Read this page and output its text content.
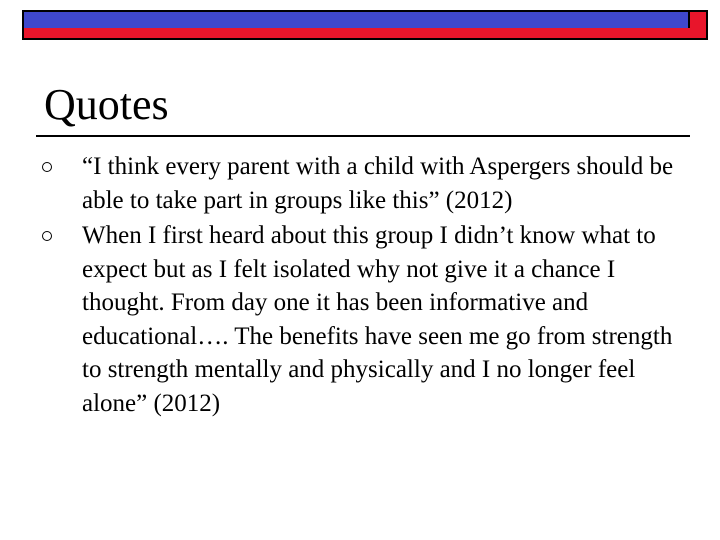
Quotes
“I think every parent with a child with Aspergers should be able to take part in groups like this” (2012)
When I first heard about this group I didn’t know what to expect but as I felt isolated why not give it a chance I thought. From day one it has been informative and educational…. The benefits have seen me go from strength to strength mentally and physically and I no longer feel alone” (2012)
